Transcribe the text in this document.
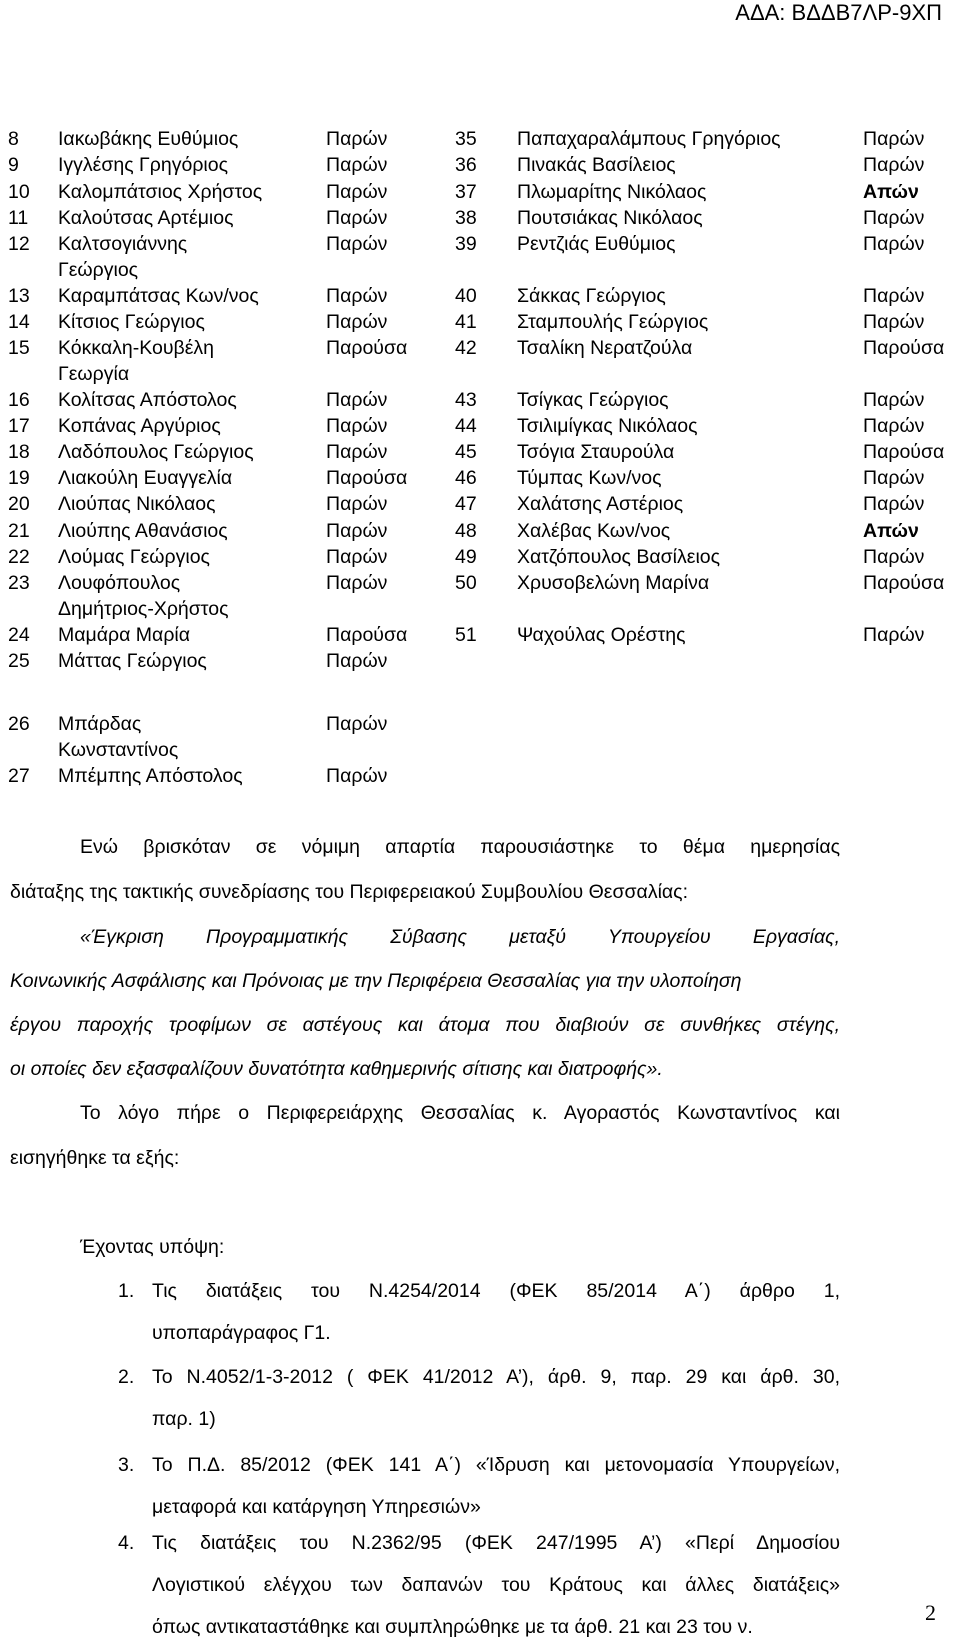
ΑΔΑ: ΒΔΔΒ7ΛΡ-9ΧΠ
8 Ιακωβάκης Ευθύμιος	Παρών
9 Ιγγλέσης Γρηγόριος	Παρών
10 Καλομπάτσιος Χρήστος	Παρών
11 Καλούτσας Αρτέμιος	Παρών
12 Καλτσογιάννης	Παρών
Γεώργιος
13 Καραμπάτσας Κων/νος	Παρών
14 Κίτσιος Γεώργιος	Παρών
15 Κόκκαλη-Κουβέλη	Παρούσα
Γεωργία
16 Κολίτσας Απόστολος	Παρών
17 Κοπάνας Αργύριος	Παρών
18 Λαδόπουλος Γεώργιος	Παρών
19 Λιακούλη Ευαγγελία	Παρούσα
20 Λιούπας Νικόλαος	Παρών
21 Λιούπης Αθανάσιος	Παρών
22 Λούμας Γεώργιος	Παρών
23 Λουφόπουλος	Παρών
Δημήτριος-Χρήστος
24 Μαμάρα Μαρία	Παρούσα
25 Μάττας Γεώργιος	Παρών
26 Μπάρδας	Παρών
Κωνσταντίνος
27 Μπέμπης Απόστολος	Παρών
35 Παπαχαραλάμπους Γρηγόριος	Παρών
36 Πινακάς Βασίλειος	Παρών
37 Πλωμαρίτης Νικόλαος	Απών
38 Πουτσιάκας Νικόλαος	Παρών
39 Ρεντζιάς Ευθύμιος	Παρών
40 Σάκκας Γεώργιος	Παρών
41 Σταμπουλής Γεώργιος	Παρών
42 Τσαλίκη Νερατζούλα	Παρούσα
43 Τσίγκας Γεώργιος	Παρών
44 Τσιλιμίγκας Νικόλαος	Παρών
45 Τσόγια Σταυρούλα	Παρούσα
46 Τύμπας Κων/νος	Παρών
47 Χαλάτσης Αστέριος	Παρών
48 Χαλέβας Κων/νος	Απών
49 Χατζόπουλος Βασίλειος	Παρών
50 Χρυσοβελώνη Μαρίνα	Παρούσα
51 Ψαχούλας Ορέστης	Παρών
Ενώ βρισκόταν σε νόμιμη απαρτία παρουσιάστηκε το θέμα ημερησίας
διάταξης της τακτικής συνεδρίασης του Περιφερειακού Συμβουλίου Θεσσαλίας:
«Έγκριση Προγραμματικής Σύβασης μεταξύ Υπουργείου Εργασίας,
Κοινωνικής Ασφάλισης και Πρόνοιας με την Περιφέρεια Θεσσαλίας για την υλοποίηση
έργου παροχής τροφίμων σε αστέγους και άτομα που διαβιούν σε συνθήκες στέγης,
οι οποίες δεν εξασφαλίζουν δυνατότητα καθημερινής σίτισης και διατροφής».
Το λόγο πήρε ο Περιφερειάρχης Θεσσαλίας κ. Αγοραστός Κωνσταντίνος και
εισηγήθηκε τα εξής:
Έχοντας υπόψη:
1. Τις διατάξεις του Ν.4254/2014 (ΦΕΚ 85/2014 Α΄) άρθρο 1,
υποπαράγραφος Γ1.
2. Το Ν.4052/1-3-2012 ( ΦΕΚ 41/2012 Α’), άρθ. 9, παρ. 29 και άρθ. 30,
παρ. 1)
3. Το Π.Δ. 85/2012 (ΦΕΚ 141 Α΄) «Ίδρυση και μετονομασία Υπουργείων,
μεταφορά και κατάργηση Υπηρεσιών»
4. Τις διατάξεις του Ν.2362/95 (ΦΕΚ 247/1995 Α’) «Περί Δημοσίου
Λογιστικού ελέγχου των δαπανών του Κράτους και άλλες διατάξεις»
όπως αντικαταστάθηκε και συμπληρώθηκε με τα άρθ. 21 και 23 του ν.
2
